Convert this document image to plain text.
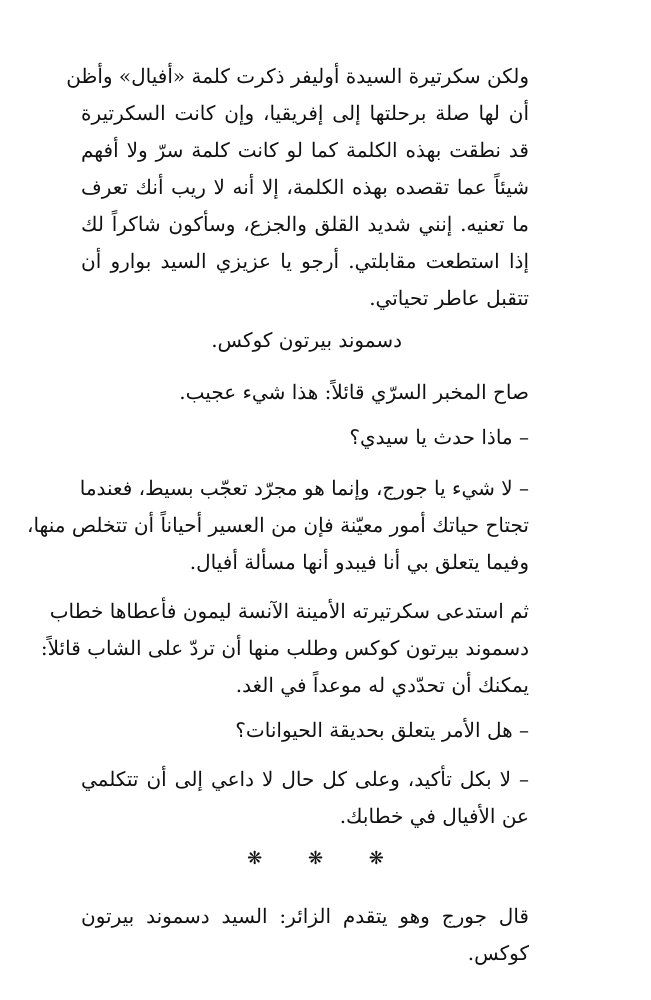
ولكن سكرتيرة السيدة أوليفر ذكرت كلمة «أفيال» وأظن
أن لها صلة برحلتها إلى إفريقيا، وإن كانت السكرتيرة
قد نطقت بهذه الكلمة كما لو كانت كلمة سرّ ولا أفهم
شيئاً عما تقصده بهذه الكلمة، إلا أنه لا ريب أنك تعرف
ما تعنيه. إنني شديد القلق والجزع، وسأكون شاكراً لك
إذا استطعت مقابلتي. أرجو يا عزيزي السيد بوارو أن
تتقبل عاطر تحياتي.
دسموند بيرتون كوكس.
صاح المخبر السرّي قائلاً: هذا شيء عجيب.
– ماذا حدث يا سيدي؟
– لا شيء يا جورج، وإنما هو مجرّد تعجّب بسيط، فعندما
تجتاح حياتك أمور معيّنة فإن من العسير أحياناً أن تتخلص منها،
وفيما يتعلق بي أنا فيبدو أنها مسألة أفيال.
ثم استدعى سكرتيرته الأمينة الآنسة ليمون فأعطاها خطاب
دسموند بيرتون كوكس وطلب منها أن تردّ على الشاب قائلاً:
يمكنك أن تحدّدي له موعداً في الغد.
– هل الأمر يتعلق بحديقة الحيوانات؟
– لا بكل تأكيد، وعلى كل حال لا داعي إلى أن تتكلمي
عن الأفيال في خطابك.
❋ ❋ ❋
قال جورج وهو يتقدم الزائر: السيد دسموند بيرتون
كوكس.
